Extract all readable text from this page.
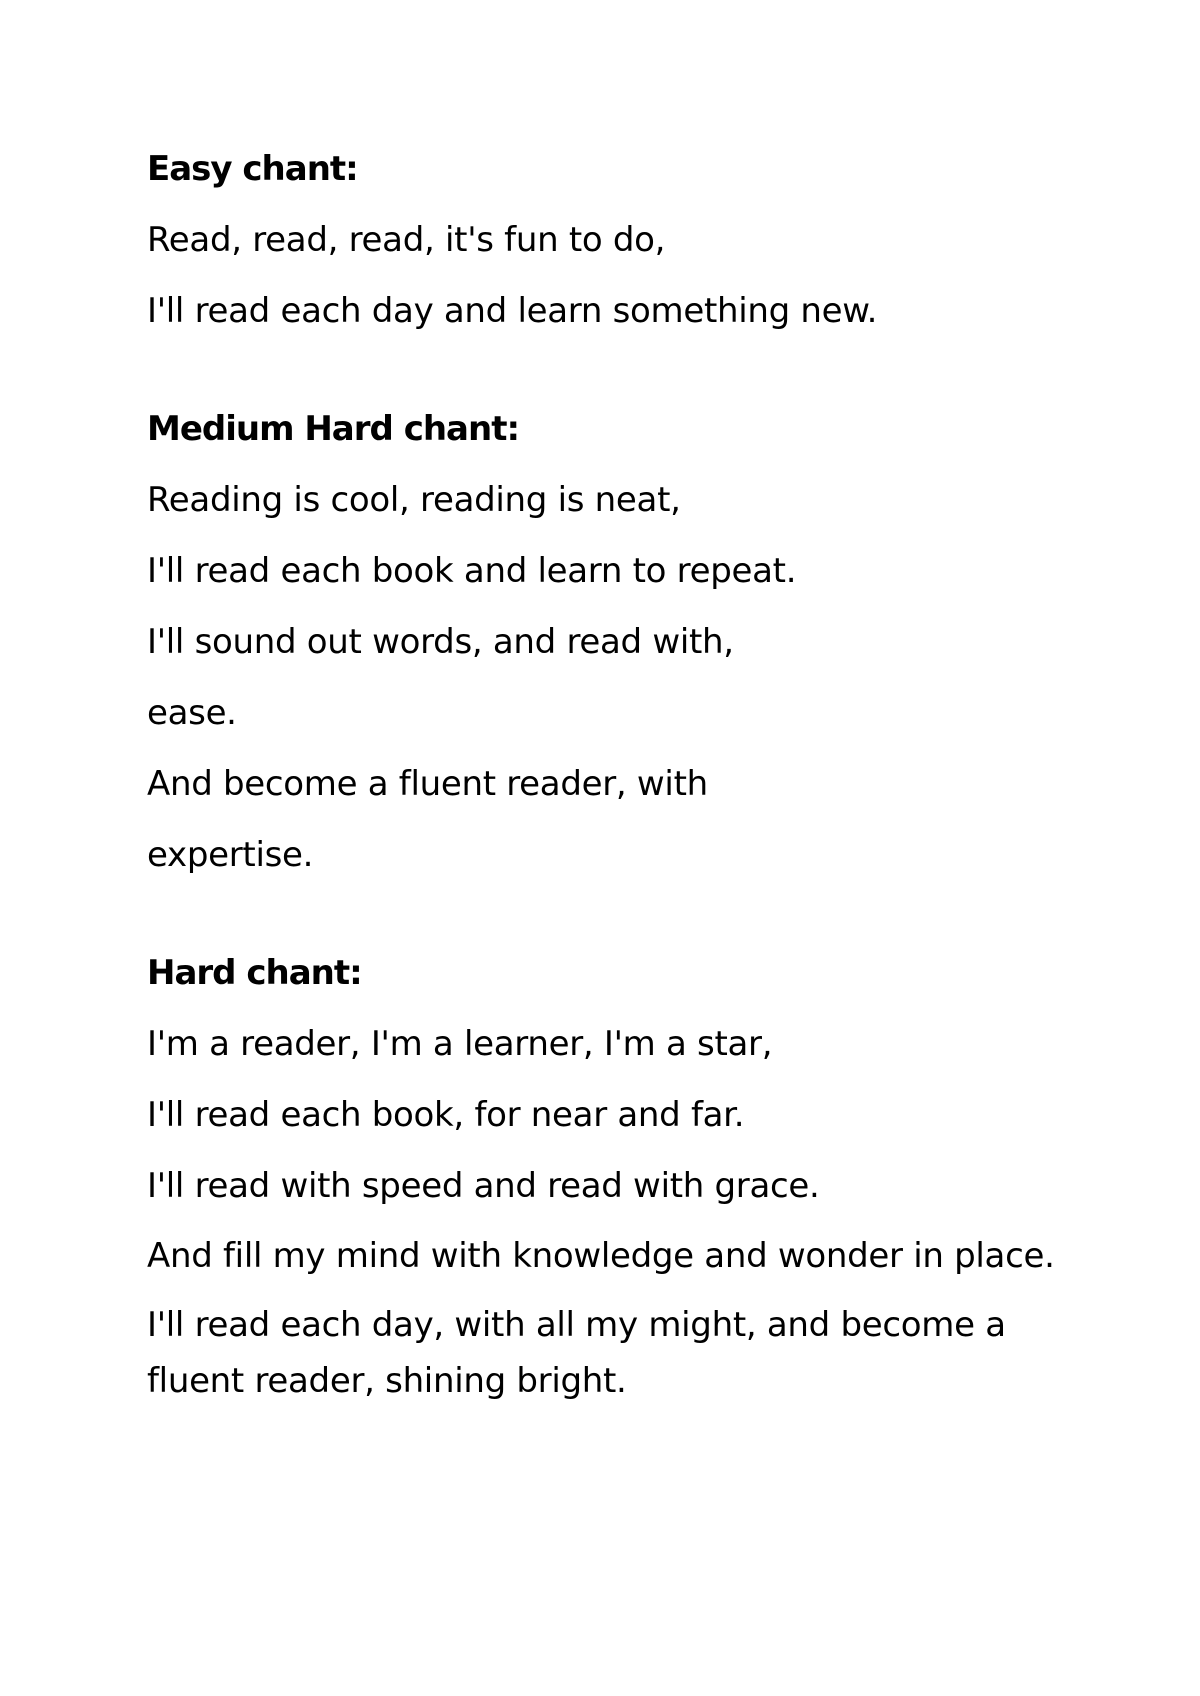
Easy chant:
Read, read, read, it's fun to do,
I'll read each day and learn something new.
Medium Hard chant:
Reading is cool, reading is neat,
I'll read each book and learn to repeat.
I'll sound out words, and read with,
ease.
And become a fluent reader, with
expertise.
Hard chant:
I'm a reader, I'm a learner, I'm a star,
I'll read each book, for near and far.
I'll read with speed and read with grace.
And fill my mind with knowledge and wonder in place.
I'll read each day, with all my might, and become a fluent reader, shining bright.
